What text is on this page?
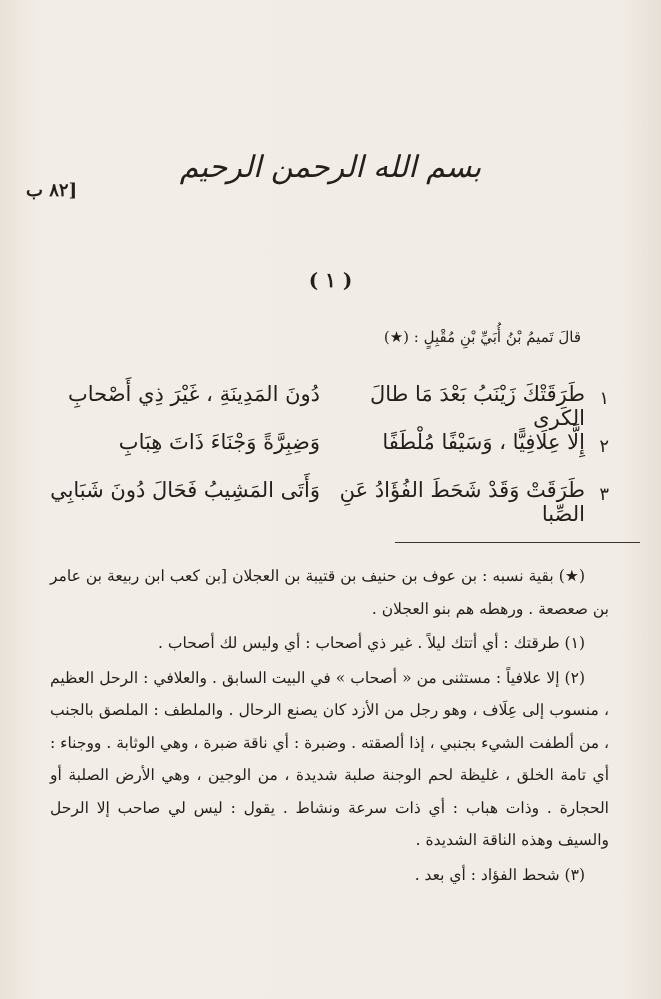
بسم الله الرحمن الرحيم
[٨٢ ب
( ١ )
قالَ تَميمُ بْنُ أُبَيِّ بْنِ مُقْبِلٍ : (★)
١
طَرَقَتْكَ زَيْنَبُ بَعْدَ مَا طالَ الكَرى
دُونَ المَدِينَةِ ، غَيْرَ ذِي أَصْحابِ
٢
إِلَّا عِلَافِيًّا ، وَسَيْفًا مُلْطَفًا
وَضِبِرَّةً وَجْنَاءَ ذَاتَ هِبَابِ
٣
طَرَقَتْ وَقَدْ شَحَطَ الفُؤَادُ عَنِ الصِّبا
وَأَتَى المَشِيبُ فَحَالَ دُونَ شَبَابِي

(★) بقية نسبه : بن عوف بن حنيف بن قتيبة بن العجلان [بن كعب ابن ربيعة بن عامر بن صعصعة . ورهطه هم بنو العجلان .

(١) طرقتك : أي أتتك ليلاً . غير ذي أصحاب : أي وليس لك أصحاب .

(٢) إلا علافياً : مستثنى من « أصحاب » في البيت السابق . والعلافي : الرحل العظيم ، منسوب إلى عِلَاف ، وهو رجل من الأزد كان يصنع الرحال . والملطف : الملصق بالجنب ، من ألطفت الشيء بجنبي ، إذا ألصقته . وضبرة : أي ناقة ضبرة ، وهي الوثابة . ووجناء : أي تامة الخلق ، غليظة لحم الوجنة صلبة شديدة ، من الوجين ، وهي الأرض الصلبة أو الحجارة . وذات هباب : أي ذات سرعة ونشاط . يقول : ليس لي صاحب إلا الرحل والسيف وهذه الناقة الشديدة .

(٣) شحط الفؤاد : أي بعد .
